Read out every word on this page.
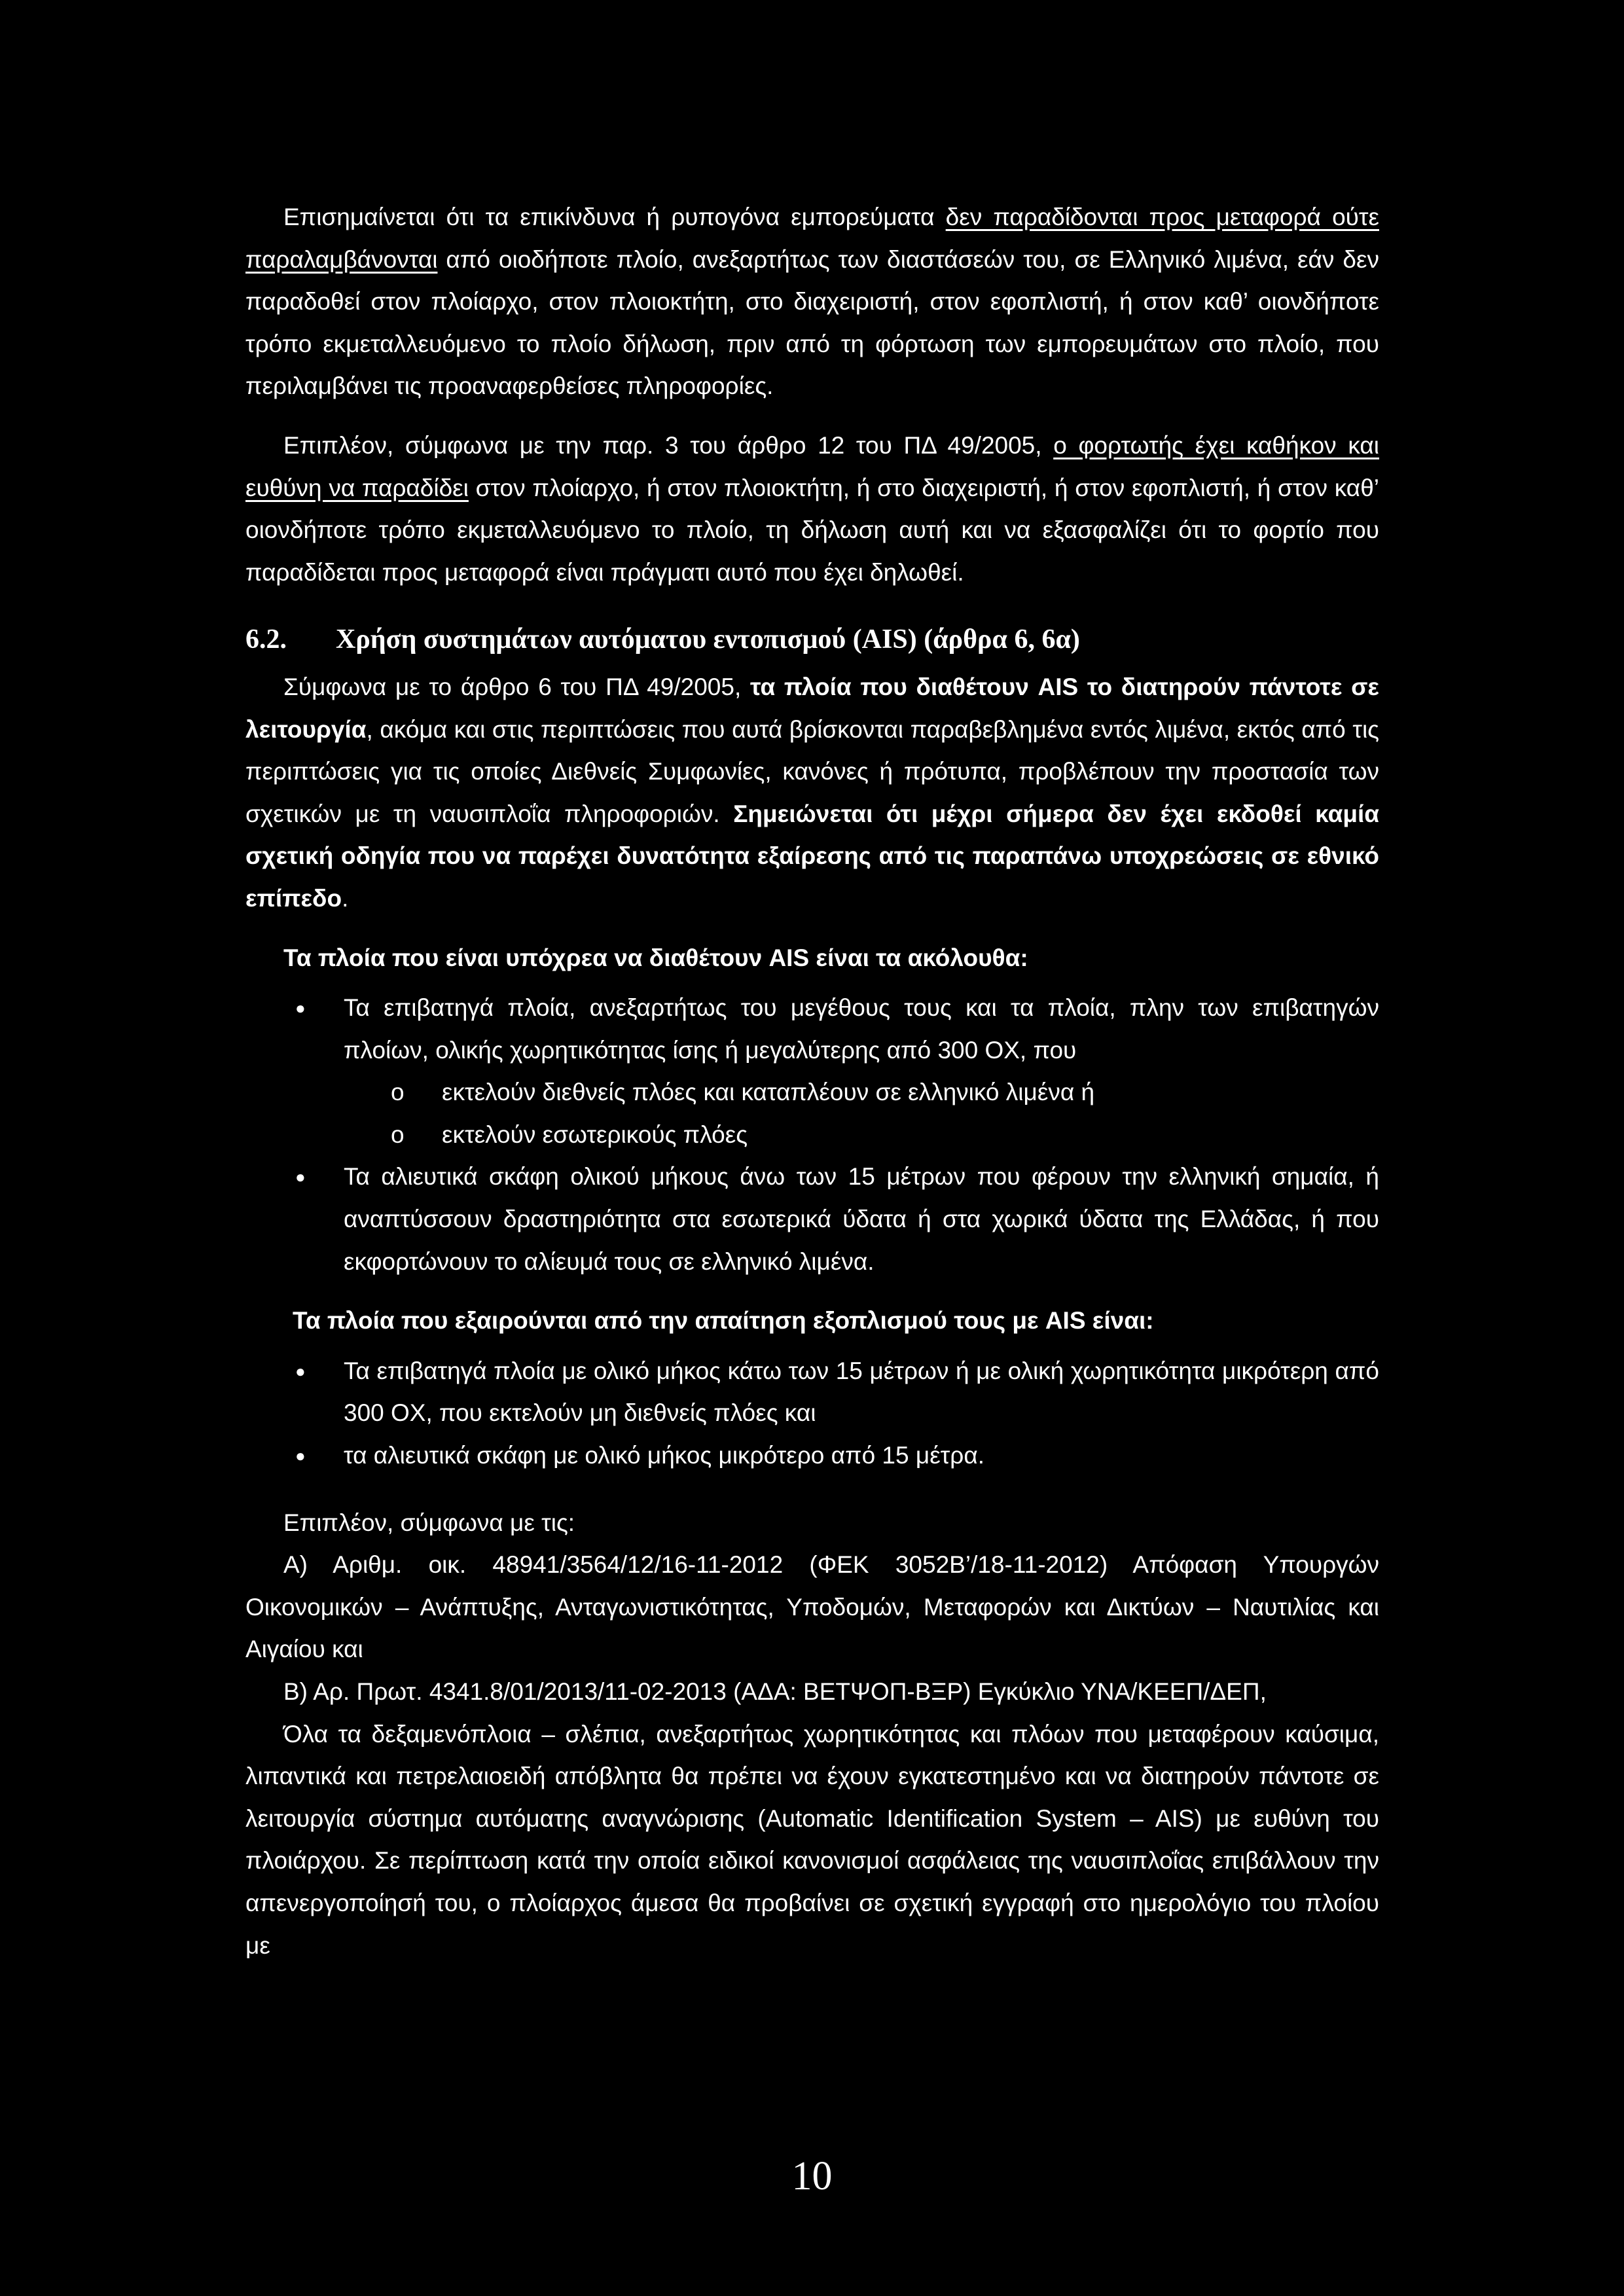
Επισημαίνεται ότι τα επικίνδυνα ή ρυπογόνα εμπορεύματα δεν παραδίδονται προς μεταφορά ούτε παραλαμβάνονται από οιοδήποτε πλοίο, ανεξαρτήτως των διαστάσεών του, σε Ελληνικό λιμένα, εάν δεν παραδοθεί στον πλοίαρχο, στον πλοιοκτήτη, στο διαχειριστή, στον εφοπλιστή, ή στον καθ’ οιονδήποτε τρόπο εκμεταλλευόμενο το πλοίο δήλωση, πριν από τη φόρτωση των εμπορευμάτων στο πλοίο, που περιλαμβάνει τις προαναφερθείσες πληροφορίες.

Επιπλέον, σύμφωνα με την παρ. 3 του άρθρο 12 του ΠΔ 49/2005, ο φορτωτής έχει καθήκον και ευθύνη να παραδίδει στον πλοίαρχο, ή στον πλοιοκτήτη, ή στο διαχειριστή, ή στον εφοπλιστή, ή στον καθ’ οιονδήποτε τρόπο εκμεταλλευόμενο το πλοίο, τη δήλωση αυτή και να εξασφαλίζει ότι το φορτίο που παραδίδεται προς μεταφορά είναι πράγματι αυτό που έχει δηλωθεί.

6.2. Χρήση συστημάτων αυτόματου εντοπισμού (AIS) (άρθρα 6, 6α)

Σύμφωνα με το άρθρο 6 του ΠΔ 49/2005, τα πλοία που διαθέτουν AIS το διατηρούν πάντοτε σε λειτουργία, ακόμα και στις περιπτώσεις που αυτά βρίσκονται παραβεβλημένα εντός λιμένα, εκτός από τις περιπτώσεις για τις οποίες Διεθνείς Συμφωνίες, κανόνες ή πρότυπα, προβλέπουν την προστασία των σχετικών με τη ναυσιπλοΐα πληροφοριών. Σημειώνεται ότι μέχρι σήμερα δεν έχει εκδοθεί καμία σχετική οδηγία που να παρέχει δυνατότητα εξαίρεσης από τις παραπάνω υποχρεώσεις σε εθνικό επίπεδο.

Τα πλοία που είναι υπόχρεα να διαθέτουν AIS είναι τα ακόλουθα:

● Τα επιβατηγά πλοία, ανεξαρτήτως του μεγέθους τους και τα πλοία, πλην των επιβατηγών πλοίων, ολικής χωρητικότητας ίσης ή μεγαλύτερης από 300 ΟΧ, που
o εκτελούν διεθνείς πλόες και καταπλέουν σε ελληνικό λιμένα ή
o εκτελούν εσωτερικούς πλόες
● Τα αλιευτικά σκάφη ολικού μήκους άνω των 15 μέτρων που φέρουν την ελληνική σημαία, ή αναπτύσσουν δραστηριότητα στα εσωτερικά ύδατα ή στα χωρικά ύδατα της Ελλάδας, ή που εκφορτώνουν το αλίευμά τους σε ελληνικό λιμένα.

Τα πλοία που εξαιρούνται από την απαίτηση εξοπλισμού τους με AIS είναι:

● Τα επιβατηγά πλοία με ολικό μήκος κάτω των 15 μέτρων ή με ολική χωρητικότητα μικρότερη από 300 ΟΧ, που εκτελούν μη διεθνείς πλόες και
● τα αλιευτικά σκάφη με ολικό μήκος μικρότερο από 15 μέτρα.

Επιπλέον, σύμφωνα με τις:

Α) Αριθμ. οικ. 48941/3564/12/16-11-2012 (ΦΕΚ 3052Β’/18-11-2012) Απόφαση Υπουργών Οικονομικών – Ανάπτυξης, Ανταγωνιστικότητας, Υποδομών, Μεταφορών και Δικτύων – Ναυτιλίας και Αιγαίου και

Β) Αρ. Πρωτ. 4341.8/01/2013/11-02-2013 (ΑΔΑ: ΒΕΤΨΟΠ-ΒΞΡ) Εγκύκλιο ΥΝΑ/ΚΕΕΠ/ΔΕΠ,

Όλα τα δεξαμενόπλοια – σλέπια, ανεξαρτήτως χωρητικότητας και πλόων που μεταφέρουν καύσιμα, λιπαντικά και πετρελαιοειδή απόβλητα θα πρέπει να έχουν εγκατεστημένο και να διατηρούν πάντοτε σε λειτουργία σύστημα αυτόματης αναγνώρισης (Automatic Identification System – AIS) με ευθύνη του πλοιάρχου. Σε περίπτωση κατά την οποία ειδικοί κανονισμοί ασφάλειας της ναυσιπλοΐας επιβάλλουν την απενεργοποίησή του, ο πλοίαρχος άμεσα θα προβαίνει σε σχετική εγγραφή στο ημερολόγιο του πλοίου με

10
